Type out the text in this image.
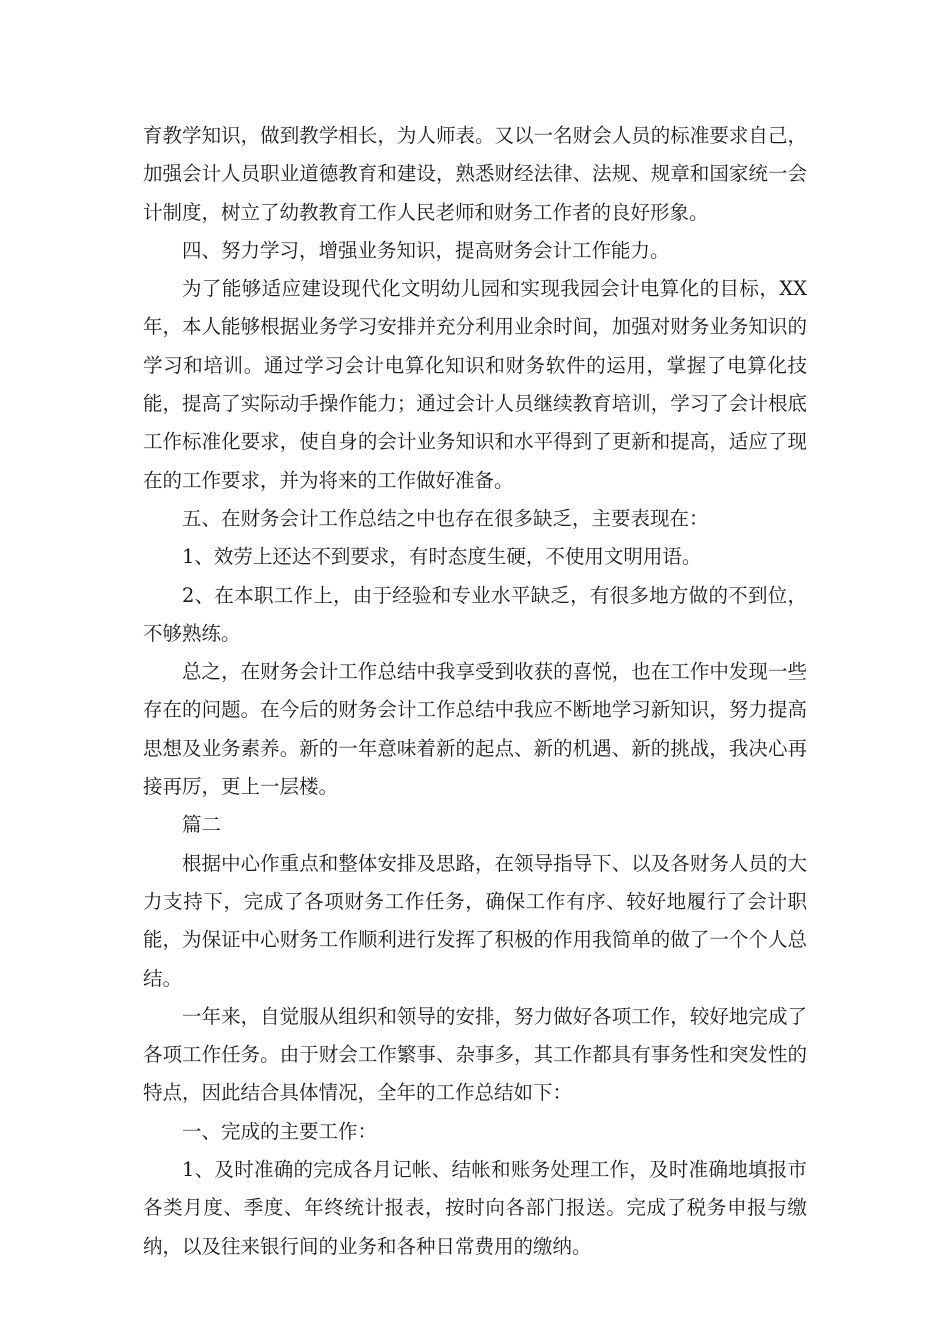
育教学知识，做到教学相长，为人师表。又以一名财会人员的标准要求自己，加强会计人员职业道德教育和建设，熟悉财经法律、法规、规章和国家统一会计制度，树立了幼教教育工作人民老师和财务工作者的良好形象。

四、努力学习，增强业务知识，提高财务会计工作能力。

为了能够适应建设现代化文明幼儿园和实现我园会计电算化的目标，XX年，本人能够根据业务学习安排并充分利用业余时间，加强对财务业务知识的学习和培训。通过学习会计电算化知识和财务软件的运用，掌握了电算化技能，提高了实际动手操作能力；通过会计人员继续教育培训，学习了会计根底工作标准化要求，使自身的会计业务知识和水平得到了更新和提高，适应了现在的工作要求，并为将来的工作做好准备。

五、在财务会计工作总结之中也存在很多缺乏，主要表现在：

1、效劳上还达不到要求，有时态度生硬，不使用文明用语。

2、在本职工作上，由于经验和专业水平缺乏，有很多地方做的不到位，不够熟练。

总之，在财务会计工作总结中我享受到收获的喜悦，也在工作中发现一些存在的问题。在今后的财务会计工作总结中我应不断地学习新知识，努力提高思想及业务素养。新的一年意味着新的起点、新的机遇、新的挑战，我决心再接再厉，更上一层楼。

篇二

根据中心作重点和整体安排及思路，在领导指导下、以及各财务人员的大力支持下，完成了各项财务工作任务，确保工作有序、较好地履行了会计职能，为保证中心财务工作顺利进行发挥了积极的作用我简单的做了一个个人总结。

一年来，自觉服从组织和领导的安排，努力做好各项工作，较好地完成了各项工作任务。由于财会工作繁事、杂事多，其工作都具有事务性和突发性的特点，因此结合具体情况，全年的工作总结如下：

一、完成的主要工作：

1、及时准确的完成各月记帐、结帐和账务处理工作，及时准确地填报市各类月度、季度、年终统计报表，按时向各部门报送。完成了税务申报与缴纳，以及往来银行间的业务和各种日常费用的缴纳。
